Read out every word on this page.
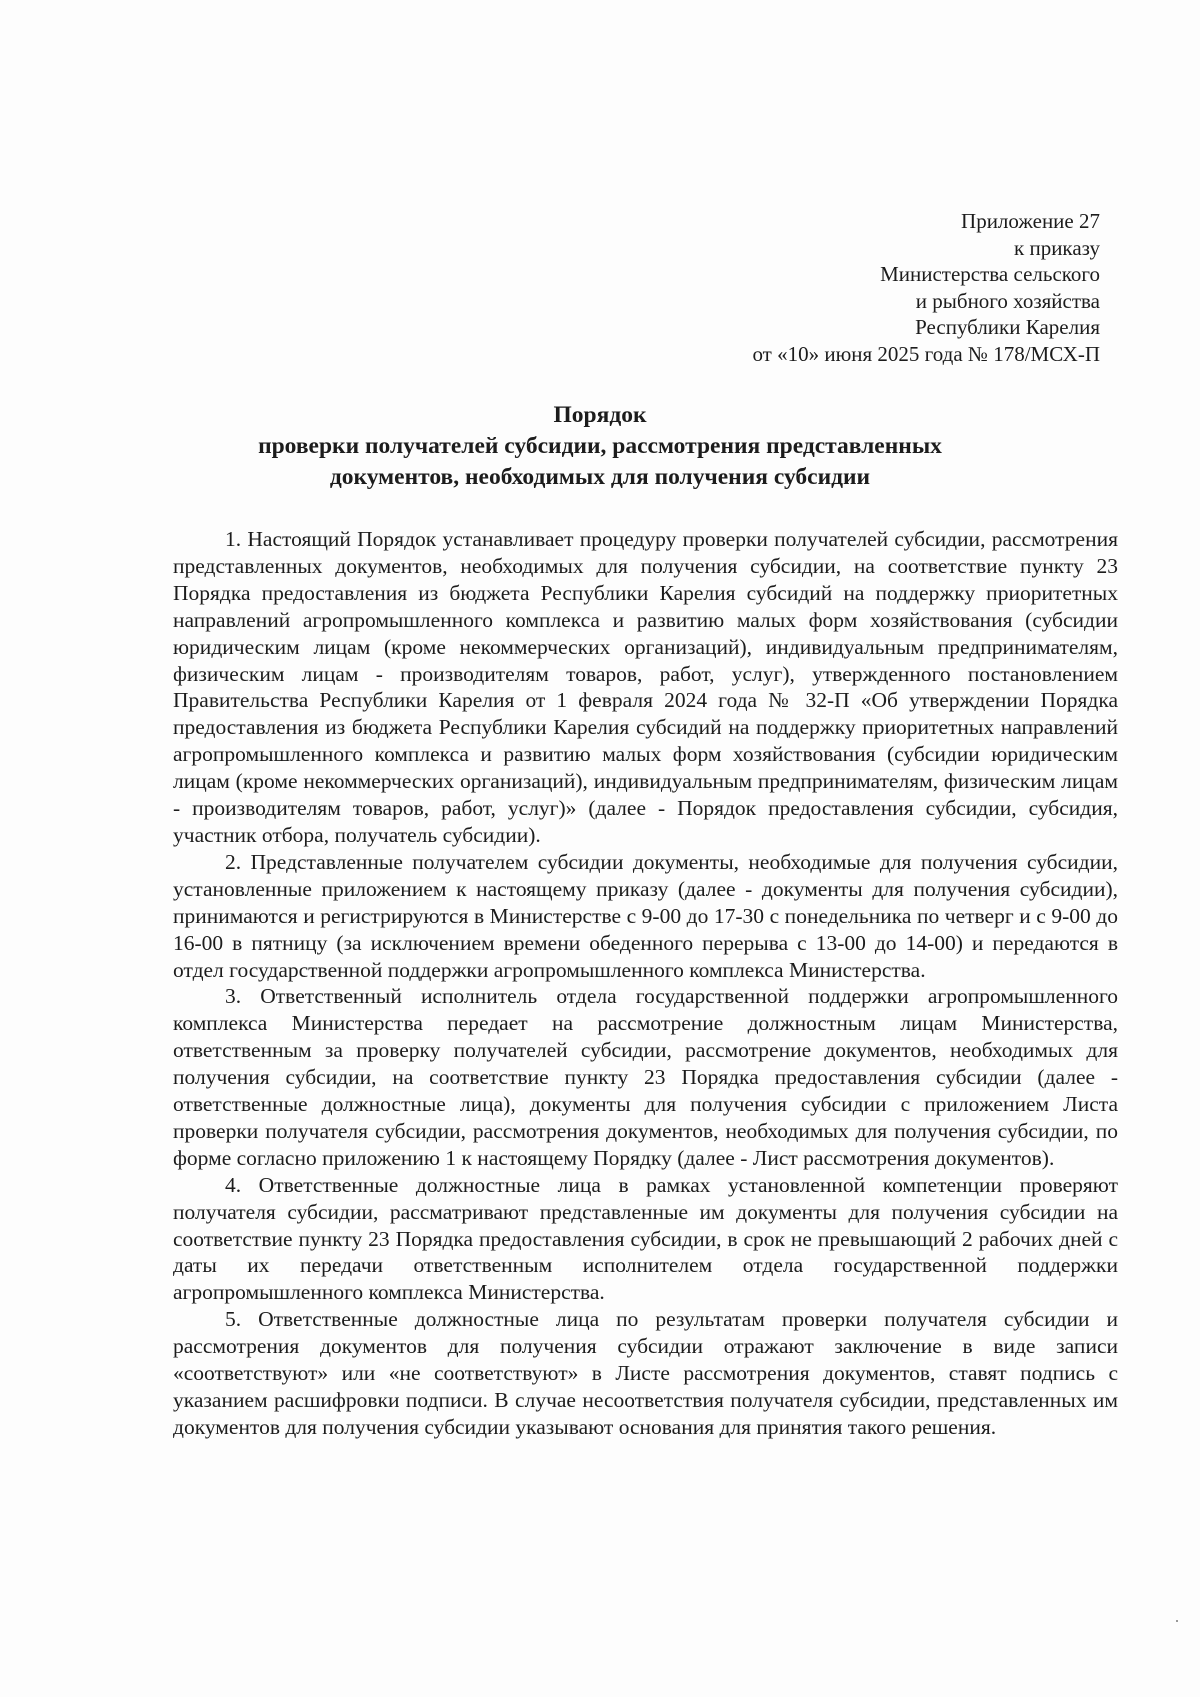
Приложение 27
к приказу
Министерства сельского
и рыбного хозяйства
Республики Карелия
от «10» июня 2025 года № 178/МСХ-П
Порядок
проверки получателей субсидии, рассмотрения представленных
документов, необходимых для получения субсидии

1. Настоящий Порядок устанавливает процедуру проверки получателей субсидии, рассмотрения представленных документов, необходимых для получения субсидии, на соответствие пункту 23 Порядка предоставления из бюджета Республики Карелия субсидий на поддержку приоритетных направлений агропромышленного комплекса и развитию малых форм хозяйствования (субсидии юридическим лицам (кроме некоммерческих организаций), индивидуальным предпринимателям, физическим лицам - производителям товаров, работ, услуг), утвержденного постановлением Правительства Республики Карелия от 1 февраля 2024 года № 32-П «Об утверждении Порядка предоставления из бюджета Республики Карелия субсидий на поддержку приоритетных направлений агропромышленного комплекса и развитию малых форм хозяйствования (субсидии юридическим лицам (кроме некоммерческих организаций), индивидуальным предпринимателям, физическим лицам - производителям товаров, работ, услуг)» (далее - Порядок предоставления субсидии, субсидия, участник отбора, получатель субсидии).

2. Представленные получателем субсидии документы, необходимые для получения субсидии, установленные приложением к настоящему приказу (далее - документы для получения субсидии), принимаются и регистрируются в Министерстве с 9-00 до 17-30 с понедельника по четверг и с 9-00 до 16-00 в пятницу (за исключением времени обеденного перерыва с 13-00 до 14-00) и передаются в отдел государственной поддержки агропромышленного комплекса Министерства.

3. Ответственный исполнитель отдела государственной поддержки агропромышленного комплекса Министерства передает на рассмотрение должностным лицам Министерства, ответственным за проверку получателей субсидии, рассмотрение документов, необходимых для получения субсидии, на соответствие пункту 23 Порядка предоставления субсидии (далее - ответственные должностные лица), документы для получения субсидии с приложением Листа проверки получателя субсидии, рассмотрения документов, необходимых для получения субсидии, по форме согласно приложению 1 к настоящему Порядку (далее - Лист рассмотрения документов).

4. Ответственные должностные лица в рамках установленной компетенции проверяют получателя субсидии, рассматривают представленные им документы для получения субсидии на соответствие пункту 23 Порядка предоставления субсидии, в срок не превышающий 2 рабочих дней с даты их передачи ответственным исполнителем отдела государственной поддержки агропромышленного комплекса Министерства.

5. Ответственные должностные лица по результатам проверки получателя субсидии и рассмотрения документов для получения субсидии отражают заключение в виде записи «соответствуют» или «не соответствуют» в Листе рассмотрения документов, ставят подпись с указанием расшифровки подписи. В случае несоответствия получателя субсидии, представленных им документов для получения субсидии указывают основания для принятия такого решения.
